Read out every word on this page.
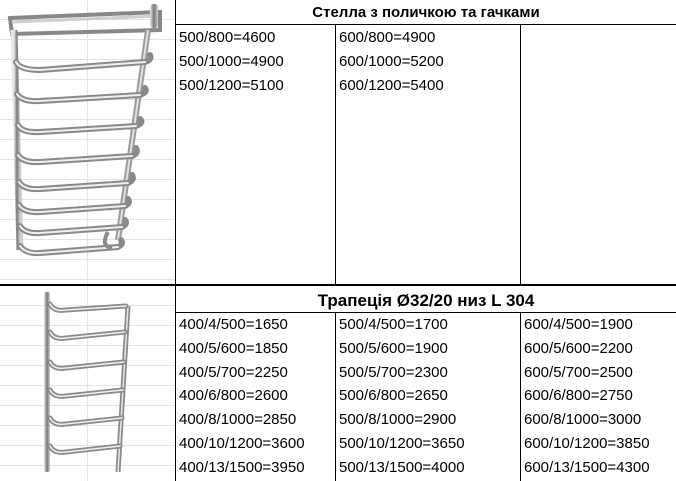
Стелла з поличкою та гачками
500/800=4600
500/1000=4900
500/1200=5100
600/800=4900
600/1000=5200
600/1200=5400
Трапеція Ø32/20 низ L 304
400/4/500=1650
400/5/600=1850
400/5/700=2250
400/6/800=2600
400/8/1000=2850
400/10/1200=3600
400/13/1500=3950
500/4/500=1700
500/5/600=1900
500/5/700=2300
500/6/800=2650
500/8/1000=2900
500/10/1200=3650
500/13/1500=4000
600/4/500=1900
600/5/600=2200
600/5/700=2500
600/6/800=2750
600/8/1000=3000
600/10/1200=3850
600/13/1500=4300
